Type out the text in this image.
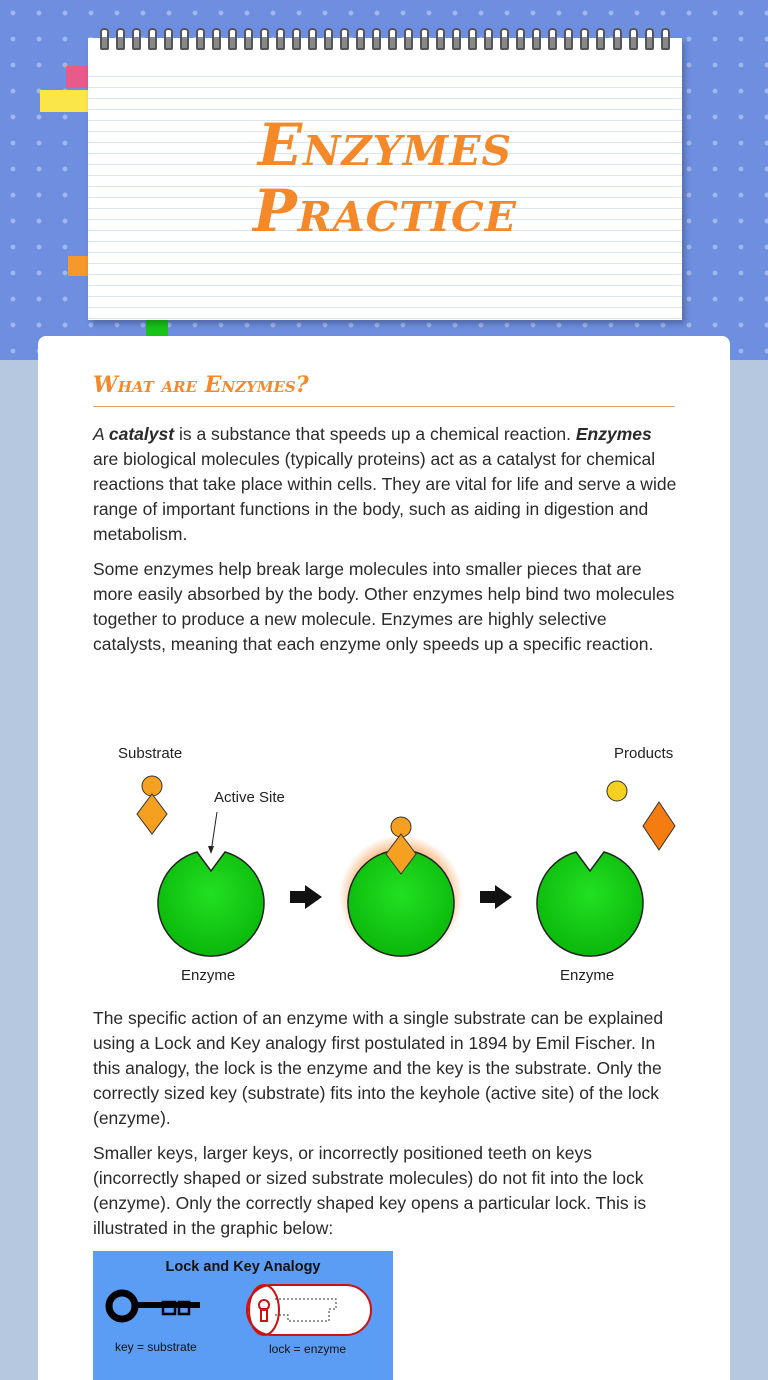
Enzymes
Practice
What are Enzymes?
A catalyst is a substance that speeds up a chemical reaction. Enzymes are biological molecules (typically proteins) act as a catalyst for chemical reactions that take place within cells. They are vital for life and serve a wide range of important functions in the body, such as aiding in digestion and metabolism.
Some enzymes help break large molecules into smaller pieces that are more easily absorbed by the body. Other enzymes help bind two molecules together to produce a new molecule. Enzymes are highly selective catalysts, meaning that each enzyme only speeds up a specific reaction.
Substrate	Products
Active Site
Enzyme	Enzyme
The specific action of an enzyme with a single substrate can be explained using a Lock and Key analogy first postulated in 1894 by Emil Fischer. In this analogy, the lock is the enzyme and the key is the substrate. Only the correctly sized key (substrate) fits into the keyhole (active site) of the lock (enzyme).
Smaller keys, larger keys, or incorrectly positioned teeth on keys (incorrectly shaped or sized substrate molecules) do not fit into the lock (enzyme). Only the correctly shaped key opens a particular lock. This is illustrated in the graphic below:
Lock and Key Analogy
key = substrate	lock = enzyme
